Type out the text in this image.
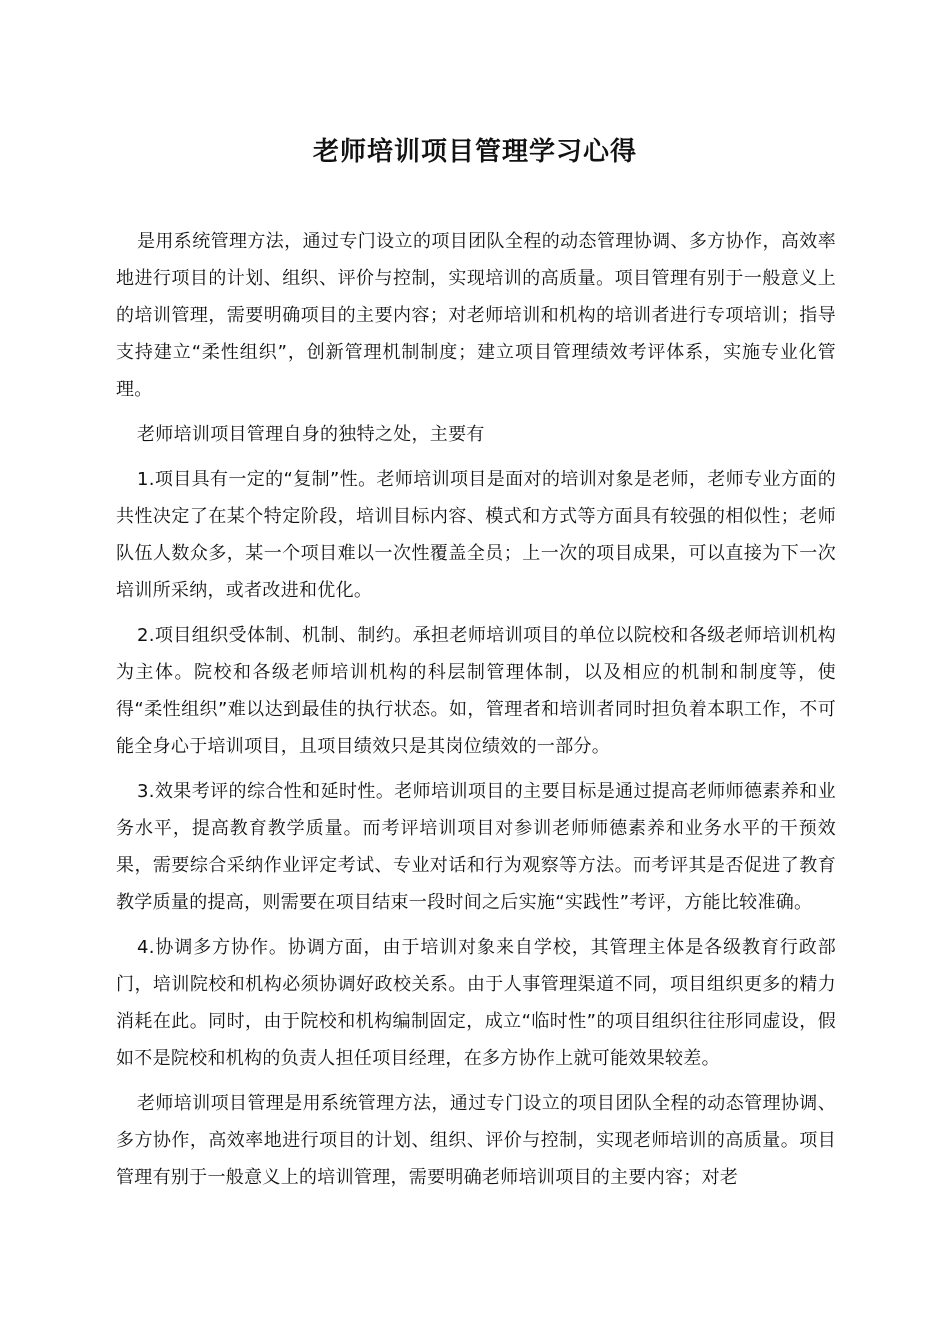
老师培训项目管理学习心得

是用系统管理方法，通过专门设立的项目团队全程的动态管理协调、多方协作，高效率地进行项目的计划、组织、评价与控制，实现培训的高质量。项目管理有别于一般意义上的培训管理，需要明确项目的主要内容；对老师培训和机构的培训者进行专项培训；指导支持建立“柔性组织”，创新管理机制制度；建立项目管理绩效考评体系，实施专业化管理。

老师培训项目管理自身的独特之处，主要有

1.项目具有一定的“复制”性。老师培训项目是面对的培训对象是老师，老师专业方面的共性决定了在某个特定阶段，培训目标内容、模式和方式等方面具有较强的相似性；老师队伍人数众多，某一个项目难以一次性覆盖全员；上一次的项目成果，可以直接为下一次培训所采纳，或者改进和优化。

2.项目组织受体制、机制、制约。承担老师培训项目的单位以院校和各级老师培训机构为主体。院校和各级老师培训机构的科层制管理体制，以及相应的机制和制度等，使得“柔性组织”难以达到最佳的执行状态。如，管理者和培训者同时担负着本职工作，不可能全身心于培训项目，且项目绩效只是其岗位绩效的一部分。

3.效果考评的综合性和延时性。老师培训项目的主要目标是通过提高老师师德素养和业务水平，提高教育教学质量。而考评培训项目对参训老师师德素养和业务水平的干预效果，需要综合采纳作业评定考试、专业对话和行为观察等方法。而考评其是否促进了教育教学质量的提高，则需要在项目结束一段时间之后实施“实践性”考评，方能比较准确。

4.协调多方协作。协调方面，由于培训对象来自学校，其管理主体是各级教育行政部门，培训院校和机构必须协调好政校关系。由于人事管理渠道不同，项目组织更多的精力消耗在此。同时，由于院校和机构编制固定，成立“临时性”的项目组织往往形同虚设，假如不是院校和机构的负责人担任项目经理，在多方协作上就可能效果较差。

老师培训项目管理是用系统管理方法，通过专门设立的项目团队全程的动态管理协调、多方协作，高效率地进行项目的计划、组织、评价与控制，实现老师培训的高质量。项目管理有别于一般意义上的培训管理，需要明确老师培训项目的主要内容；对老
